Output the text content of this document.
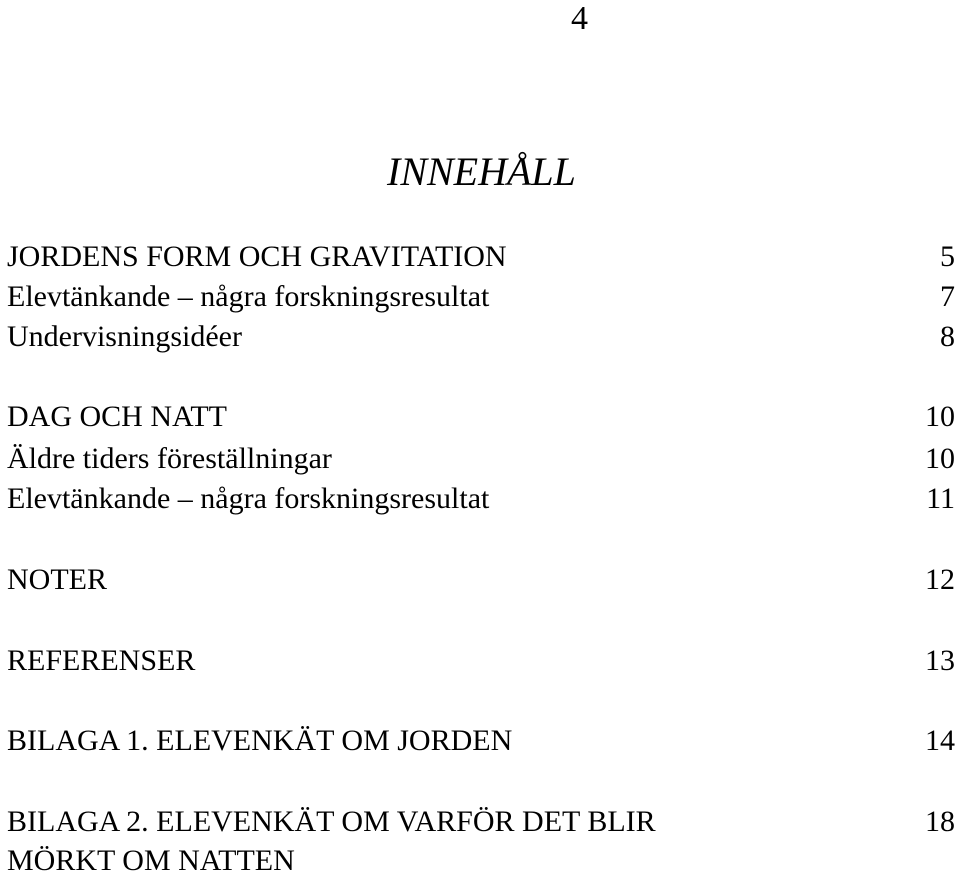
4
INNEHÅLL
JORDENS FORM OCH GRAVITATION	5
Elevtänkande – några forskningsresultat	7
Undervisningsidéer	8
DAG OCH NATT	10
Äldre tiders föreställningar	10
Elevtänkande – några forskningsresultat	11
NOTER	12
REFERENSER	13
BILAGA 1. ELEVENKÄT OM JORDEN	14
BILAGA 2. ELEVENKÄT OM VARFÖR DET BLIR	18
MÖRKT OM NATTEN
